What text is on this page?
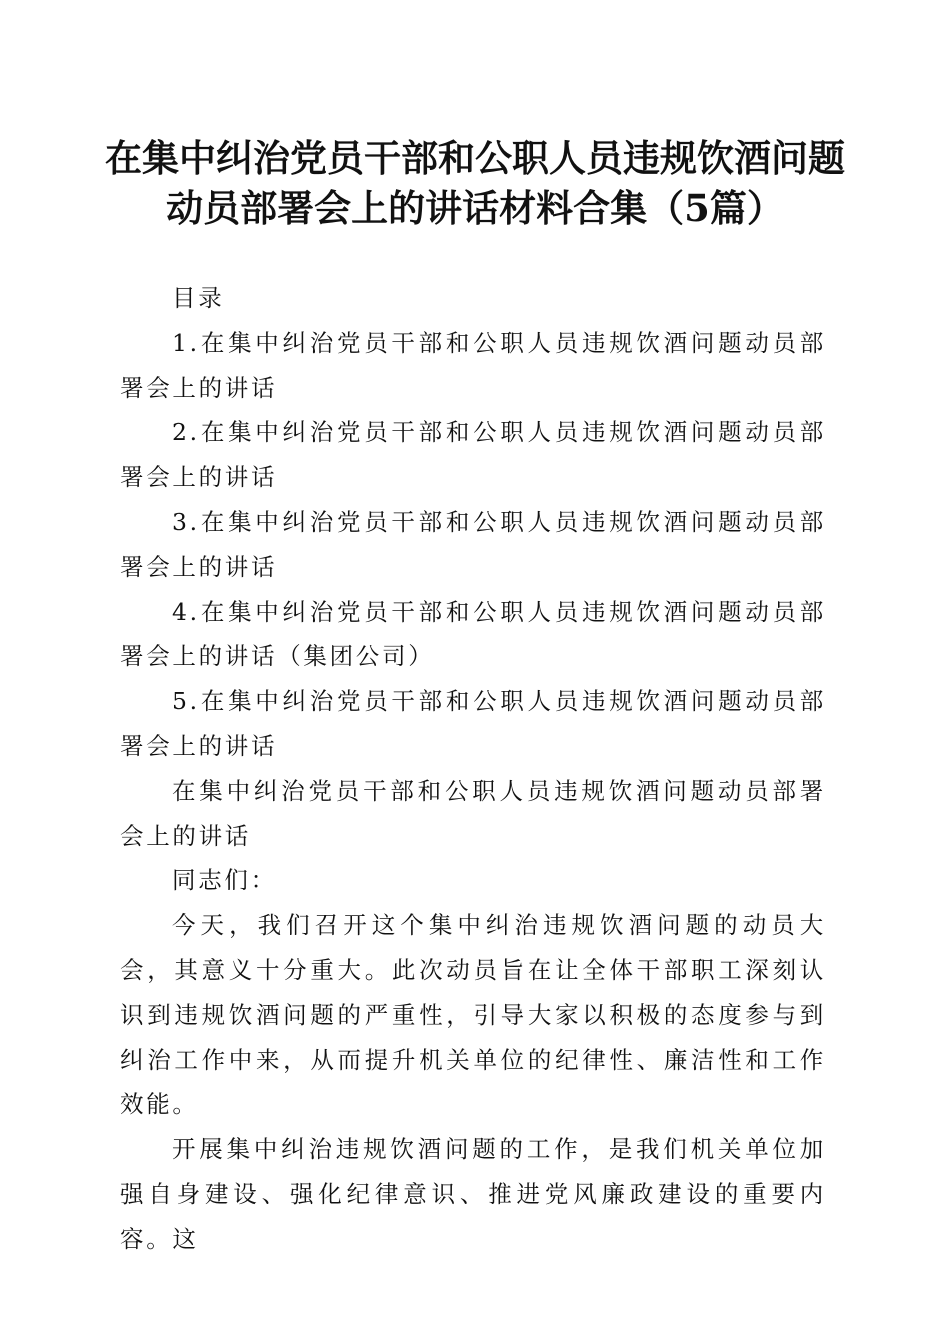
在集中纠治党员干部和公职人员违规饮酒问题
动员部署会上的讲话材料合集（5篇）

目录

1.在集中纠治党员干部和公职人员违规饮酒问题动员部署会上的讲话

2.在集中纠治党员干部和公职人员违规饮酒问题动员部署会上的讲话

3.在集中纠治党员干部和公职人员违规饮酒问题动员部署会上的讲话

4.在集中纠治党员干部和公职人员违规饮酒问题动员部署会上的讲话（集团公司）

5.在集中纠治党员干部和公职人员违规饮酒问题动员部署会上的讲话

在集中纠治党员干部和公职人员违规饮酒问题动员部署会上的讲话

同志们：

今天，我们召开这个集中纠治违规饮酒问题的动员大会，其意义十分重大。此次动员旨在让全体干部职工深刻认识到违规饮酒问题的严重性，引导大家以积极的态度参与到纠治工作中来，从而提升机关单位的纪律性、廉洁性和工作效能。

开展集中纠治违规饮酒问题的工作，是我们机关单位加强自身建设、强化纪律意识、推进党风廉政建设的重要内容。这
